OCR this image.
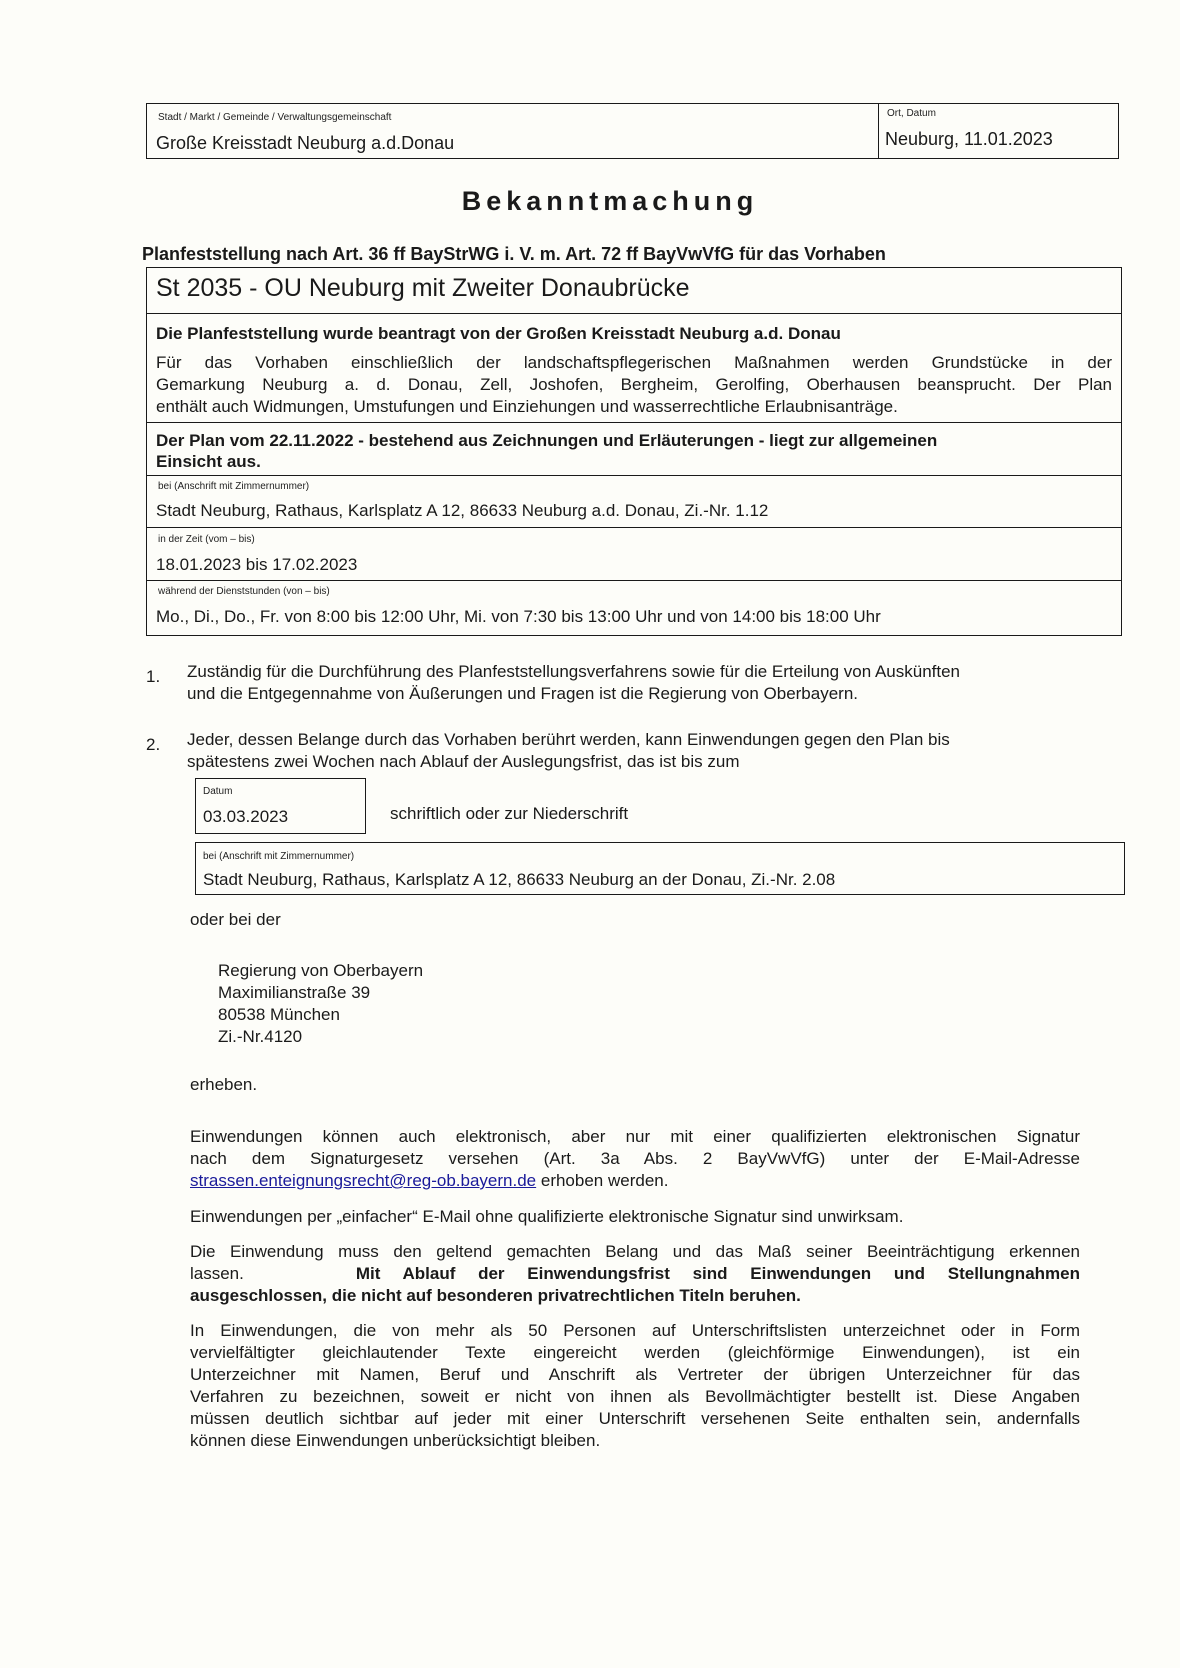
Stadt / Markt / Gemeinde / Verwaltungsgemeinschaft
Große Kreisstadt Neuburg a.d.Donau
Ort, Datum
Neuburg, 11.01.2023
Bekanntmachung
Planfeststellung nach Art. 36 ff BayStrWG i. V. m. Art. 72 ff BayVwVfG für das Vorhaben
St 2035 - OU Neuburg mit Zweiter Donaubrücke
Die Planfeststellung wurde beantragt von der Großen Kreisstadt Neuburg a.d. Donau
Für das Vorhaben einschließlich der landschaftspflegerischen Maßnahmen werden Grundstücke in der
Gemarkung Neuburg a. d. Donau, Zell, Joshofen, Bergheim, Gerolfing, Oberhausen beansprucht. Der Plan
enthält auch Widmungen, Umstufungen und Einziehungen und wasserrechtliche Erlaubnisanträge.
Der Plan vom 22.11.2022 - bestehend aus Zeichnungen und Erläuterungen - liegt zur allgemeinen
Einsicht aus.
bei (Anschrift mit Zimmernummer)
Stadt Neuburg, Rathaus, Karlsplatz A 12, 86633 Neuburg a.d. Donau, Zi.-Nr. 1.12
in der Zeit (vom – bis)
18.01.2023 bis 17.02.2023
während der Dienststunden (von – bis)
Mo., Di., Do., Fr. von 8:00 bis 12:00 Uhr, Mi. von 7:30 bis 13:00 Uhr und von 14:00 bis 18:00 Uhr
1. Zuständig für die Durchführung des Planfeststellungsverfahrens sowie für die Erteilung von Auskünften
und die Entgegennahme von Äußerungen und Fragen ist die Regierung von Oberbayern.
2. Jeder, dessen Belange durch das Vorhaben berührt werden, kann Einwendungen gegen den Plan bis
spätestens zwei Wochen nach Ablauf der Auslegungsfrist, das ist bis zum
Datum
03.03.2023	schriftlich oder zur Niederschrift
bei (Anschrift mit Zimmernummer)
Stadt Neuburg, Rathaus, Karlsplatz A 12, 86633 Neuburg an der Donau, Zi.-Nr. 2.08
oder bei der
Regierung von Oberbayern
Maximilianstraße 39
80538 München
Zi.-Nr.4120
erheben.
Einwendungen können auch elektronisch, aber nur mit einer qualifizierten elektronischen Signatur
nach dem Signaturgesetz versehen (Art. 3a Abs. 2 BayVwVfG) unter der E-Mail-Adresse
strassen.enteignungsrecht@reg-ob.bayern.de erhoben werden.
Einwendungen per „einfacher“ E-Mail ohne qualifizierte elektronische Signatur sind unwirksam.
Die Einwendung muss den geltend gemachten Belang und das Maß seiner Beeinträchtigung erkennen
lassen.	Mit Ablauf der Einwendungsfrist sind Einwendungen und Stellungnahmen
ausgeschlossen, die nicht auf besonderen privatrechtlichen Titeln beruhen.
In Einwendungen, die von mehr als 50 Personen auf Unterschriftslisten unterzeichnet oder in Form
vervielfältigter gleichlautender Texte eingereicht werden (gleichförmige Einwendungen), ist ein
Unterzeichner mit Namen, Beruf und Anschrift als Vertreter der übrigen Unterzeichner für das
Verfahren zu bezeichnen, soweit er nicht von ihnen als Bevollmächtigter bestellt ist. Diese Angaben
müssen deutlich sichtbar auf jeder mit einer Unterschrift versehenen Seite enthalten sein, andernfalls
können diese Einwendungen unberücksichtigt bleiben.
